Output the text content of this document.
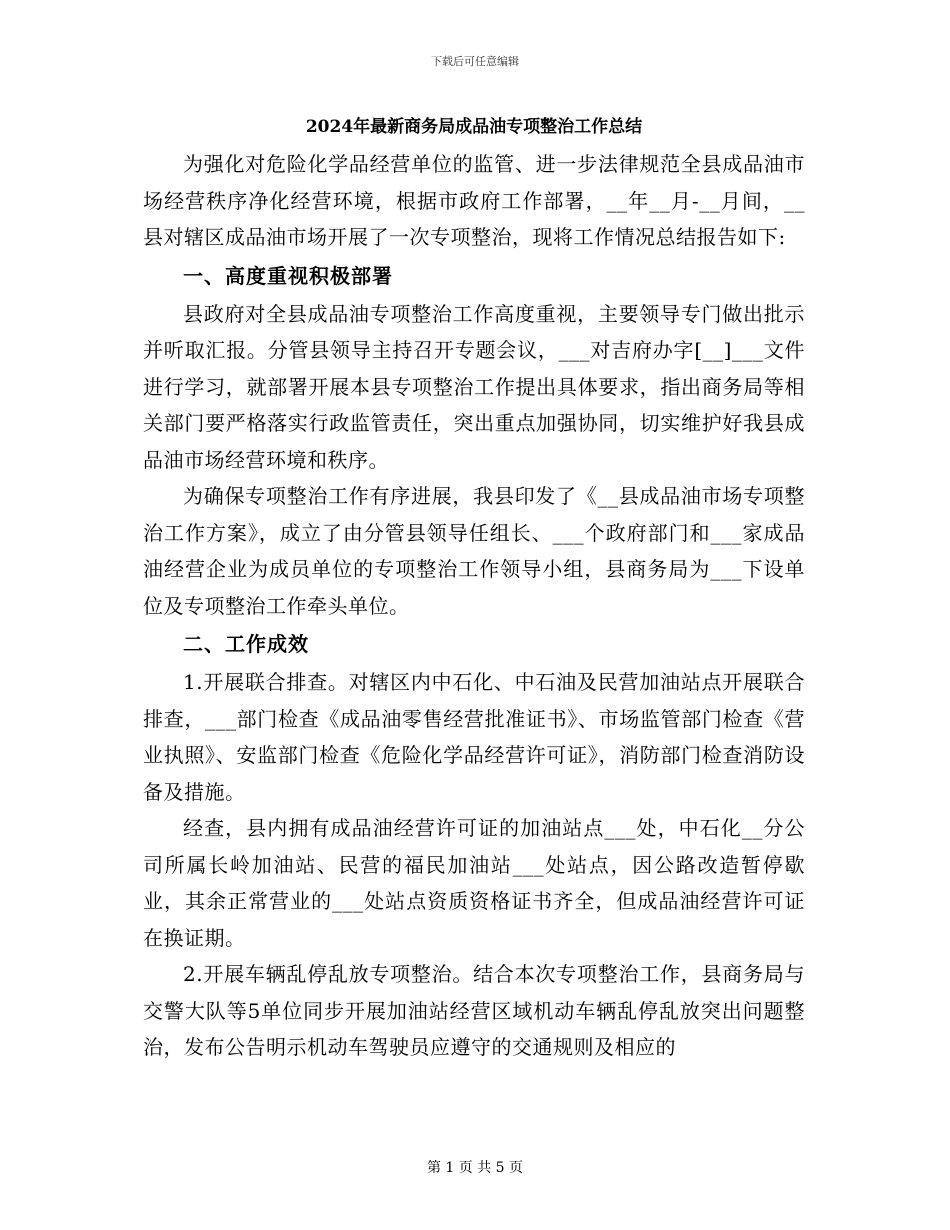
下载后可任意编辑
2024年最新商务局成品油专项整治工作总结

为强化对危险化学品经营单位的监管、进一步法律规范全县成品油市场经营秩序净化经营环境，根据市政府工作部署，__年__月-__月间，__县对辖区成品油市场开展了一次专项整治，现将工作情况总结报告如下:

一、高度重视积极部署

县政府对全县成品油专项整治工作高度重视，主要领导专门做出批示并听取汇报。分管县领导主持召开专题会议，___对吉府办字[__]___文件进行学习，就部署开展本县专项整治工作提出具体要求，指出商务局等相关部门要严格落实行政监管责任，突出重点加强协同，切实维护好我县成品油市场经营环境和秩序。

为确保专项整治工作有序进展，我县印发了《__县成品油市场专项整治工作方案》，成立了由分管县领导任组长、___个政府部门和___家成品油经营企业为成员单位的专项整治工作领导小组，县商务局为___下设单位及专项整治工作牵头单位。

二、工作成效

1.开展联合排查。对辖区内中石化、中石油及民营加油站点开展联合排查，___部门检查《成品油零售经营批准证书》、市场监管部门检查《营业执照》、安监部门检查《危险化学品经营许可证》，消防部门检查消防设备及措施。

经查，县内拥有成品油经营许可证的加油站点___处，中石化__分公司所属长岭加油站、民营的福民加油站___处站点，因公路改造暂停歇业，其余正常营业的___处站点资质资格证书齐全，但成品油经营许可证在换证期。

2.开展车辆乱停乱放专项整治。结合本次专项整治工作，县商务局与交警大队等5单位同步开展加油站经营区域机动车辆乱停乱放突出问题整治，发布公告明示机动车驾驶员应遵守的交通规则及相应的

第 1 页 共 5 页
